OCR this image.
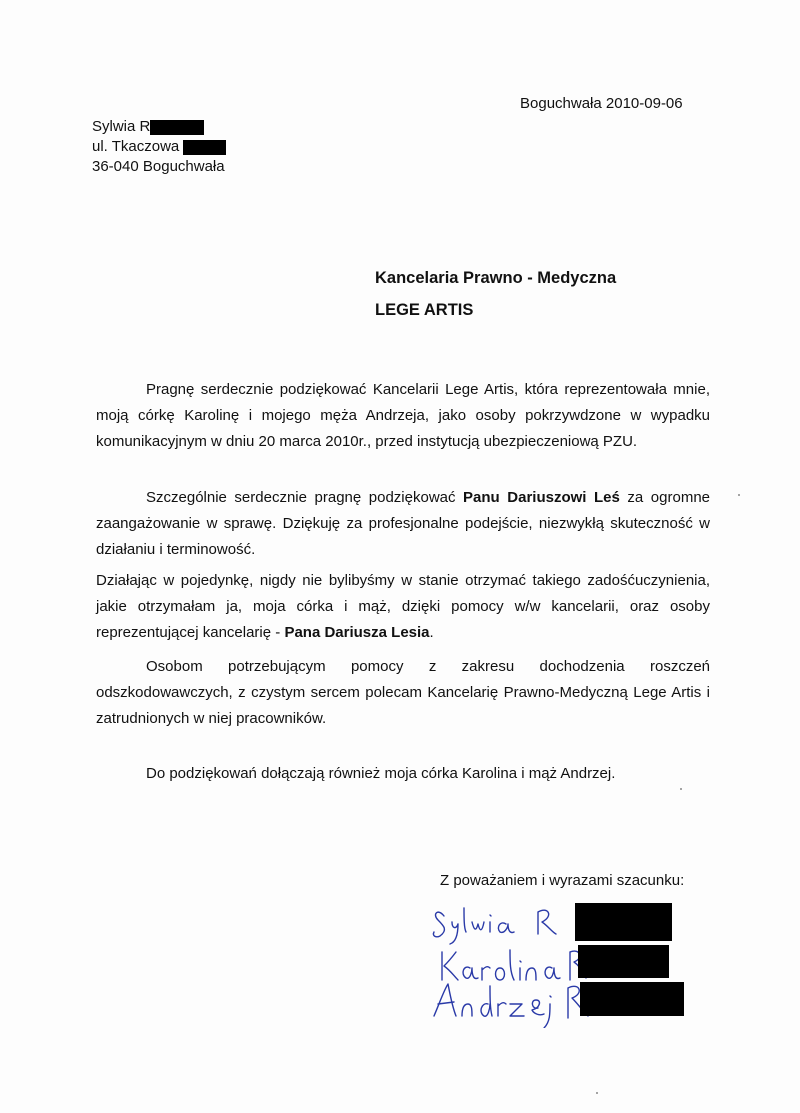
Boguchwała 2010-09-06
Sylwia R
ul. Tkaczowa
36-040 Boguchwała
Kancelaria Prawno - Medyczna
LEGE ARTIS

Pragnę serdecznie podziękować Kancelarii Lege Artis, która reprezentowała mnie, moją córkę Karolinę i mojego męża Andrzeja, jako osoby pokrzywdzone w wypadku komunikacyjnym w dniu 20 marca 2010r., przed instytucją ubezpieczeniową PZU.

Szczególnie serdecznie pragnę podziękować Panu Dariuszowi Leś za ogromne zaangażowanie w sprawę. Dziękuję za profesjonalne podejście, niezwykłą skuteczność w działaniu i terminowość.

Działając w pojedynkę, nigdy nie bylibyśmy w stanie otrzymać takiego zadośćuczynienia, jakie otrzymałam ja, moja córka i mąż, dzięki pomocy w/w kancelarii, oraz osoby reprezentującej kancelarię - Pana Dariusza Lesia.

Osobom potrzebującym pomocy z zakresu dochodzenia roszczeń odszkodowawczych, z czystym sercem polecam Kancelarię Prawno-Medyczną Lege Artis i zatrudnionych w niej pracowników.

Do podziękowań dołączają również moja córka Karolina i mąż Andrzej.

Z poważaniem i wyrazami szacunku:
